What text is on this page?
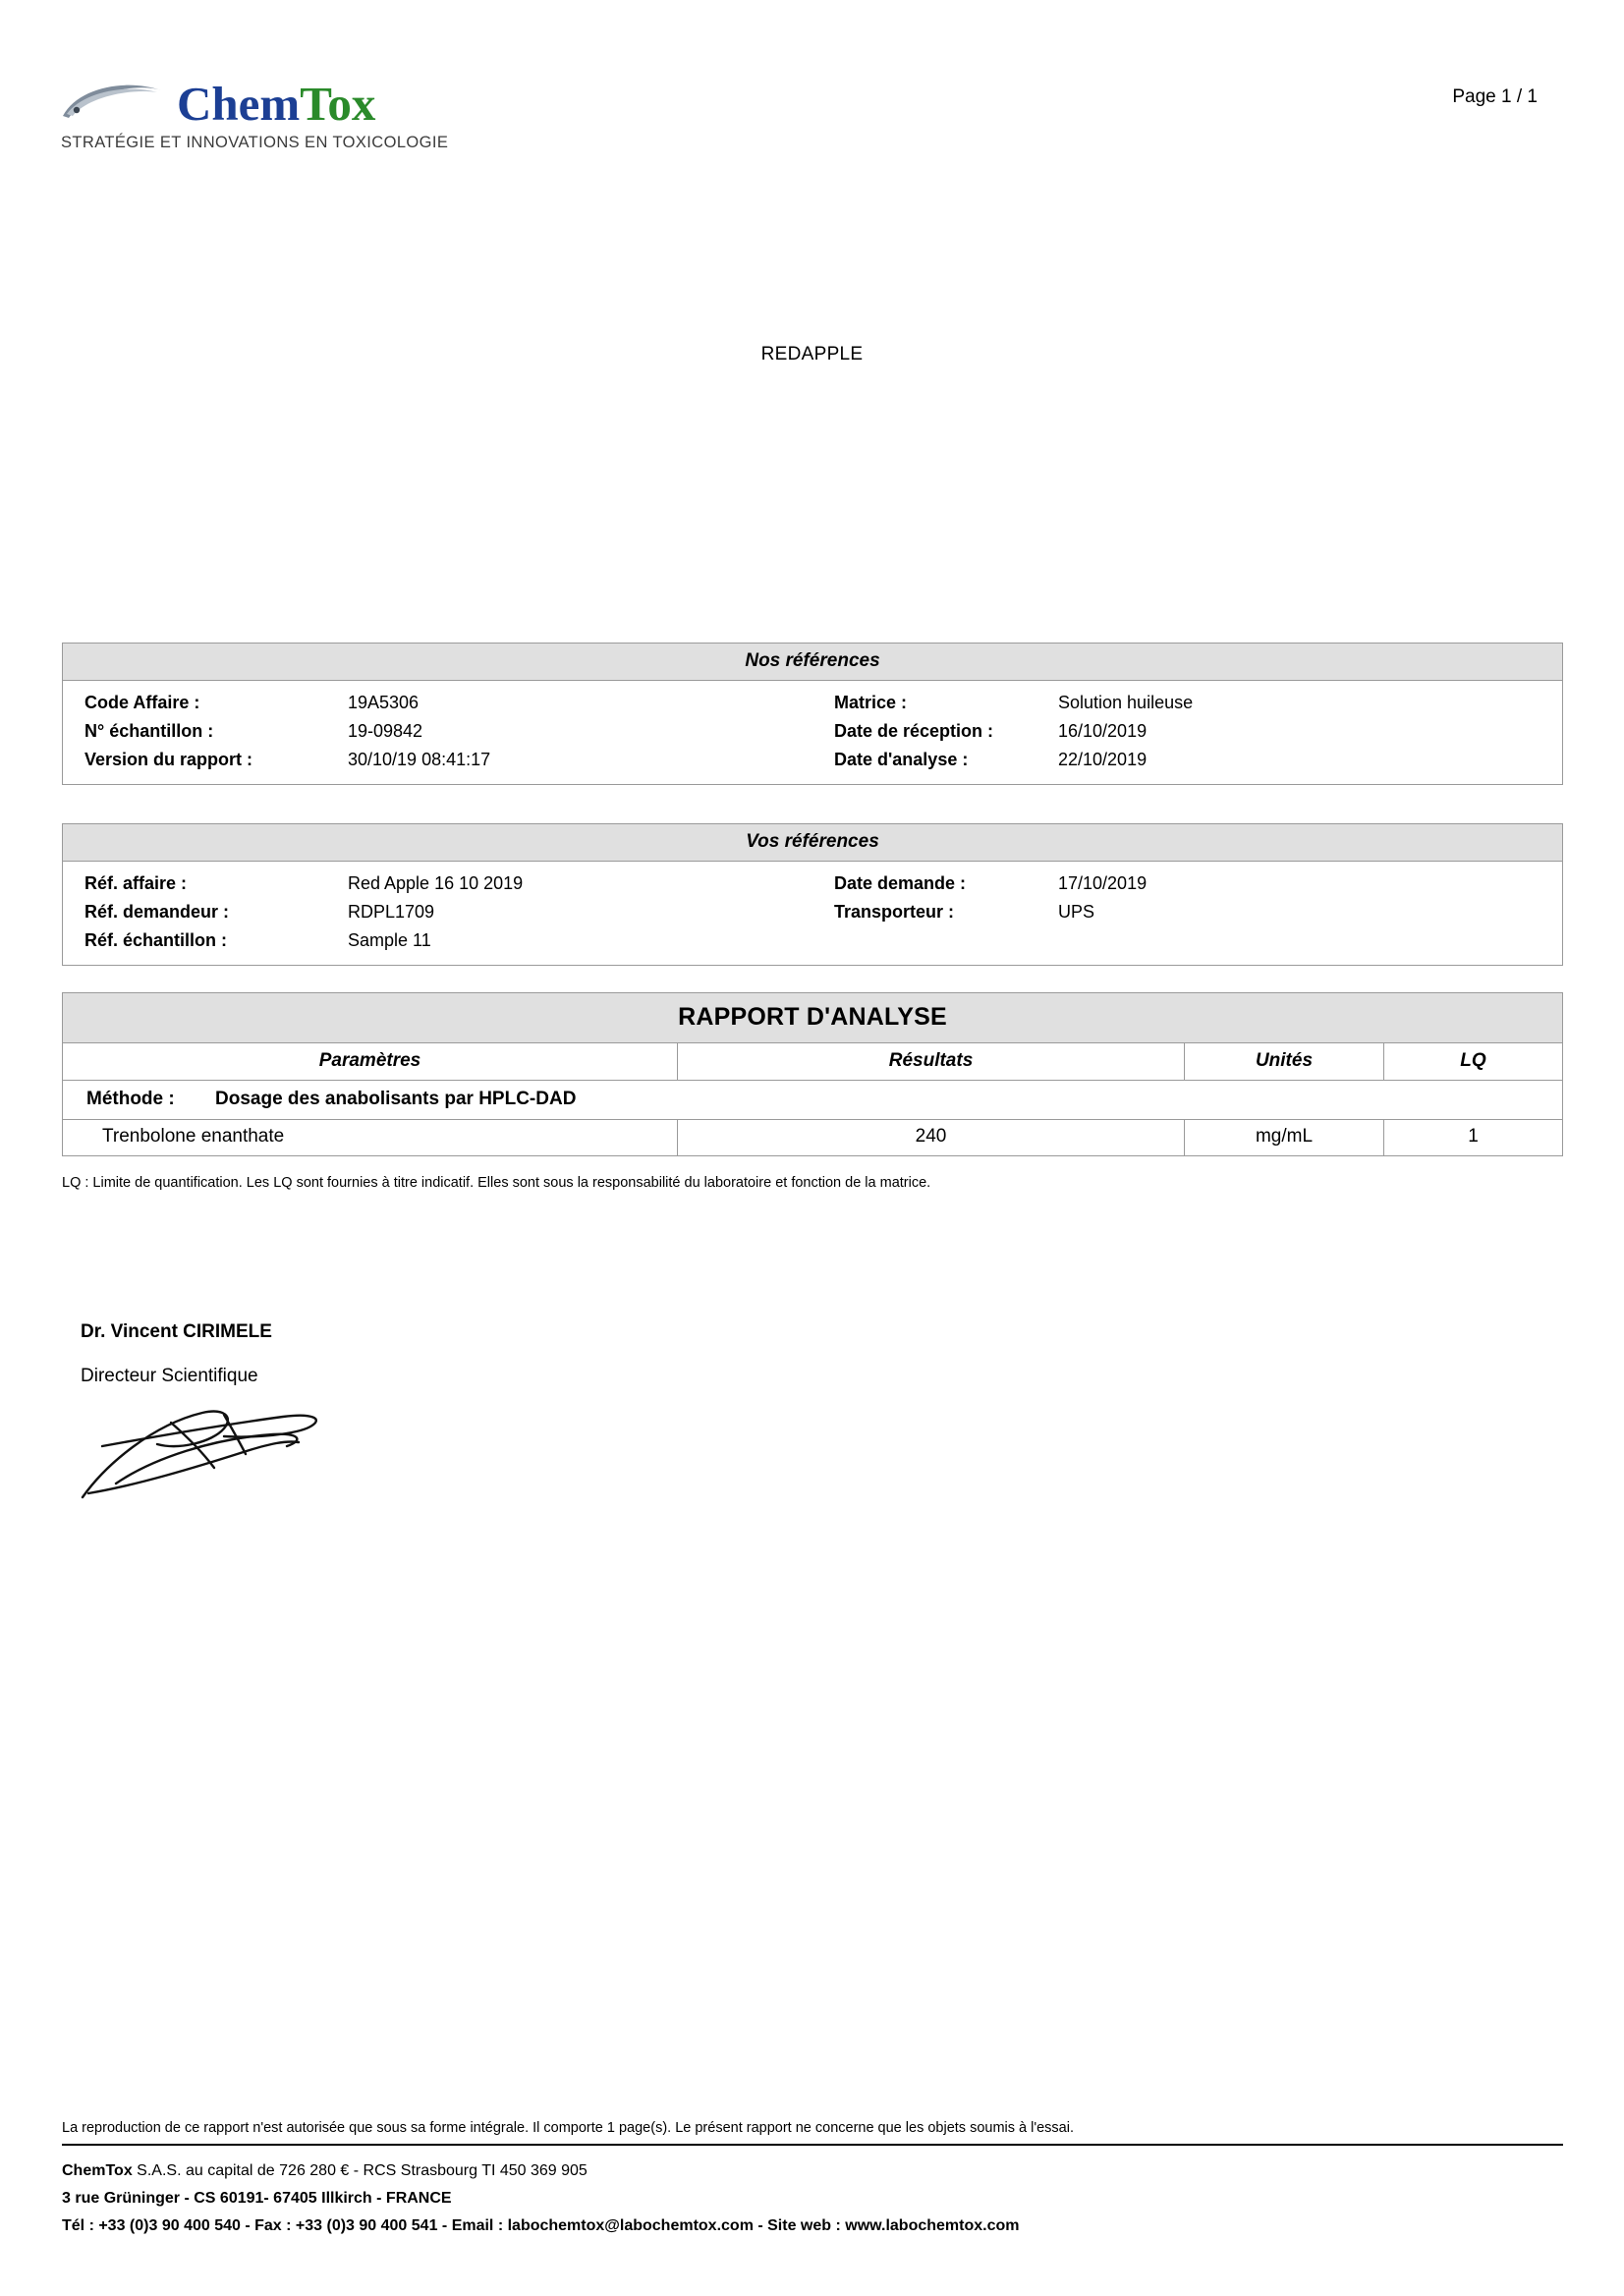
ChemTox
STRATÉGIE ET INNOVATIONS EN TOXICOLOGIE
Page 1 / 1
REDAPPLE
Nos références
Code Affaire :	19A5306
N° échantillon :	19-09842
Version du rapport :	30/10/19 08:41:17
Matrice :	Solution huileuse
Date de réception :	16/10/2019
Date d'analyse :	22/10/2019
Vos références
Réf. affaire :	Red Apple 16 10 2019
Réf. demandeur :	RDPL1709
Réf. échantillon :	Sample 11
Date demande :	17/10/2019
Transporteur :	UPS
RAPPORT D'ANALYSE
Paramètres	Résultats	Unités	LQ
Méthode : Dosage des anabolisants par HPLC-DAD
Trenbolone enanthate	240	mg/mL	1
LQ : Limite de quantification. Les LQ sont fournies à titre indicatif. Elles sont sous la responsabilité du laboratoire et fonction de la matrice.
Dr. Vincent CIRIMELE
Directeur Scientifique
La reproduction de ce rapport n'est autorisée que sous sa forme intégrale. Il comporte 1 page(s). Le présent rapport ne concerne que les objets soumis à l'essai.
ChemTox S.A.S. au capital de 726 280 € - RCS Strasbourg TI 450 369 905
3 rue Grüninger - CS 60191- 67405 Illkirch - FRANCE
Tél : +33 (0)3 90 400 540 - Fax : +33 (0)3 90 400 541 - Email : labochemtox@labochemtox.com - Site web : www.labochemtox.com
